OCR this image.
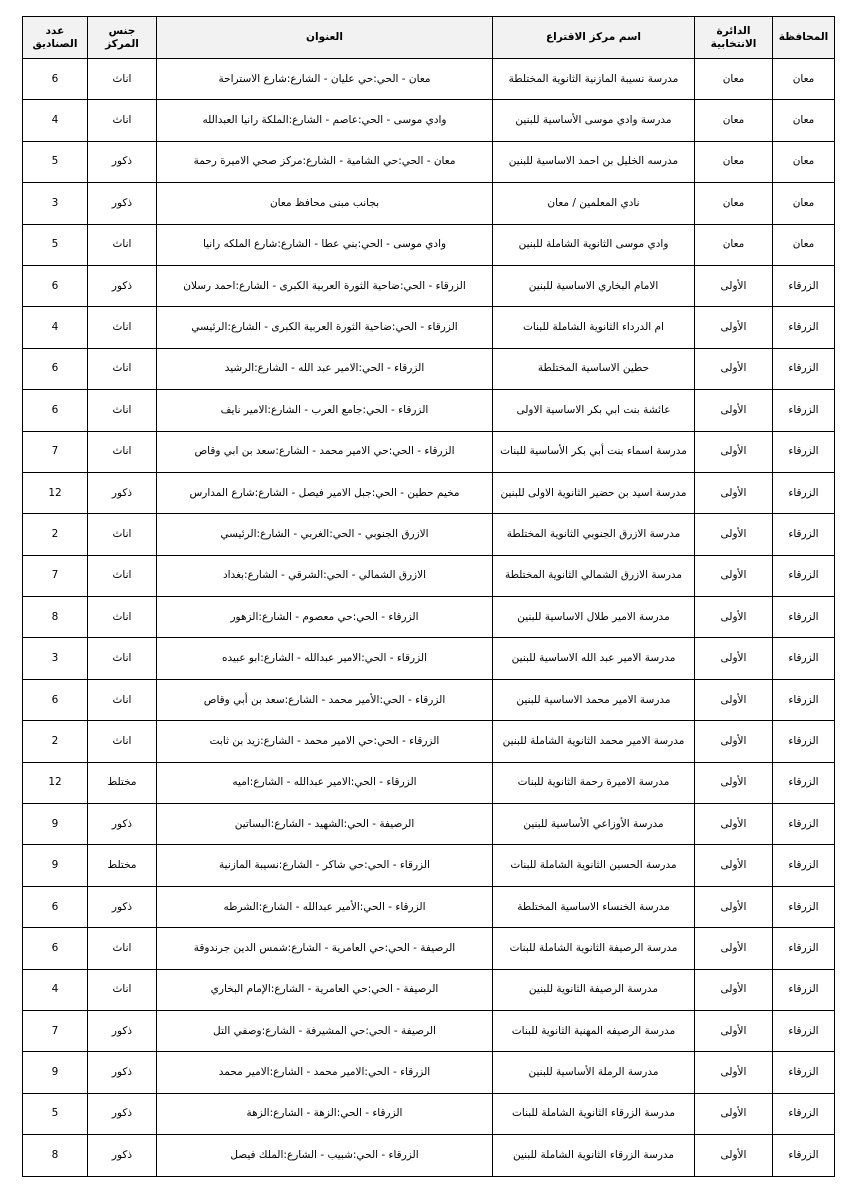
المحافظة	الدائرة الانتخابية	اسم مركز الاقتراع	العنوان	جنس المركز	عدد الصناديق
معان	معان	مدرسة نسيبة المازنية الثانوية المختلطة	معان - الحي:حي عليان - الشارع:شارع الاستراحة	اناث	6
معان	معان	مدرسة وادي موسى الأساسية للبنين	وادي موسى - الحي:عاصم - الشارع:الملكة رانيا العبدالله	اناث	4
معان	معان	مدرسه الخليل بن احمد الاساسية للبنين	معان - الحي:حي الشامية - الشارع:مركز صحي الاميرة رحمة	ذكور	5
معان	معان	نادي المعلمين / معان	بجانب مبنى محافظ معان	ذكور	3
معان	معان	وادي موسى الثانوية الشاملة للبنين	وادي موسى - الحي:بني عطا - الشارع:شارع الملكه رانيا	اناث	5
الزرقاء	الأولى	الامام البخاري الاساسية للبنين	الزرقاء - الحي:ضاحية الثورة العربية الكبرى - الشارع:احمد رسلان	ذكور	6
الزرقاء	الأولى	ام الدرداء الثانوية الشاملة للبنات	الزرقاء - الحي:ضاحية الثورة العربية الكبرى - الشارع:الرئيسي	اناث	4
الزرقاء	الأولى	حطين الاساسية المختلطة	الزرقاء - الحي:الامير عبد الله - الشارع:الرشيد	اناث	6
الزرقاء	الأولى	عائشة بنت ابي بكر الاساسية الاولى	الزرقاء - الحي:جامع العرب - الشارع:الامير نايف	اناث	6
الزرقاء	الأولى	مدرسة اسماء بنت أبي بكر الأساسية للبنات	الزرقاء - الحي:حي الامير محمد - الشارع:سعد بن ابي وقاص	اناث	7
الزرقاء	الأولى	مدرسة اسيد بن حضير الثانوية الاولى للبنين	مخيم حطين - الحي:جبل الامير فيصل - الشارع:شارع المدارس	ذكور	12
الزرقاء	الأولى	مدرسة الازرق الجنوبي الثانوية المختلطة	الازرق الجنوبي - الحي:الغربي - الشارع:الرئيسي	اناث	2
الزرقاء	الأولى	مدرسة الازرق الشمالي الثانوية المختلطة	الازرق الشمالي - الحي:الشرقي - الشارع:بغداد	اناث	7
الزرقاء	الأولى	مدرسة الامير طلال الاساسية للبنين	الزرقاء - الحي:حي معصوم - الشارع:الزهور	اناث	8
الزرقاء	الأولى	مدرسة الامير عبد الله الاساسية للبنين	الزرقاء - الحي:الامير عبدالله - الشارع:ابو عبيده	اناث	3
الزرقاء	الأولى	مدرسة الامير محمد الاساسية للبنين	الزرقاء - الحي:الأمير محمد - الشارع:سعد بن أبي وقاص	اناث	6
الزرقاء	الأولى	مدرسة الامير محمد الثانوية الشاملة للبنين	الزرقاء - الحي:حي الامير محمد - الشارع:زيد بن ثابت	اناث	2
الزرقاء	الأولى	مدرسة الاميرة رحمة الثانوية للبنات	الزرقاء - الحي:الامير عبدالله - الشارع:اميه	مختلط	12
الزرقاء	الأولى	مدرسة الأوزاعي الأساسية للبنين	الرصيفة - الحي:الشهيد - الشارع:البساتين	ذكور	9
الزرقاء	الأولى	مدرسة الحسين الثانوية الشاملة للبنات	الزرقاء - الحي:حي شاكر - الشارع:نسيبة المازنية	مختلط	9
الزرقاء	الأولى	مدرسة الخنساء الاساسية المختلطة	الزرقاء - الحي:الأمير عبدالله - الشارع:الشرطه	ذكور	6
الزرقاء	الأولى	مدرسة الرصيفة الثانوية الشاملة للبنات	الرصيفة - الحي:حي العامرية - الشارع:شمس الدين جرندوقة	اناث	6
الزرقاء	الأولى	مدرسة الرصيفة الثانوية للبنين	الرصيفة - الحي:حي العامرية - الشارع:الإمام البخاري	اناث	4
الزرقاء	الأولى	مدرسة الرصيفه المهنية الثانوية للبنات	الرصيفة - الحي:حي المشيرفة - الشارع:وصفي التل	ذكور	7
الزرقاء	الأولى	مدرسة الرملة الأساسية للبنين	الزرقاء - الحي:الامير محمد - الشارع:الامير محمد	ذكور	9
الزرقاء	الأولى	مدرسة الزرقاء الثانوية الشاملة للبنات	الزرقاء - الحي:الزهة - الشارع:الزهة	ذكور	5
الزرقاء	الأولى	مدرسة الزرقاء الثانوية الشاملة للبنين	الزرقاء - الحي:شبيب - الشارع:الملك فيصل	ذكور	8
